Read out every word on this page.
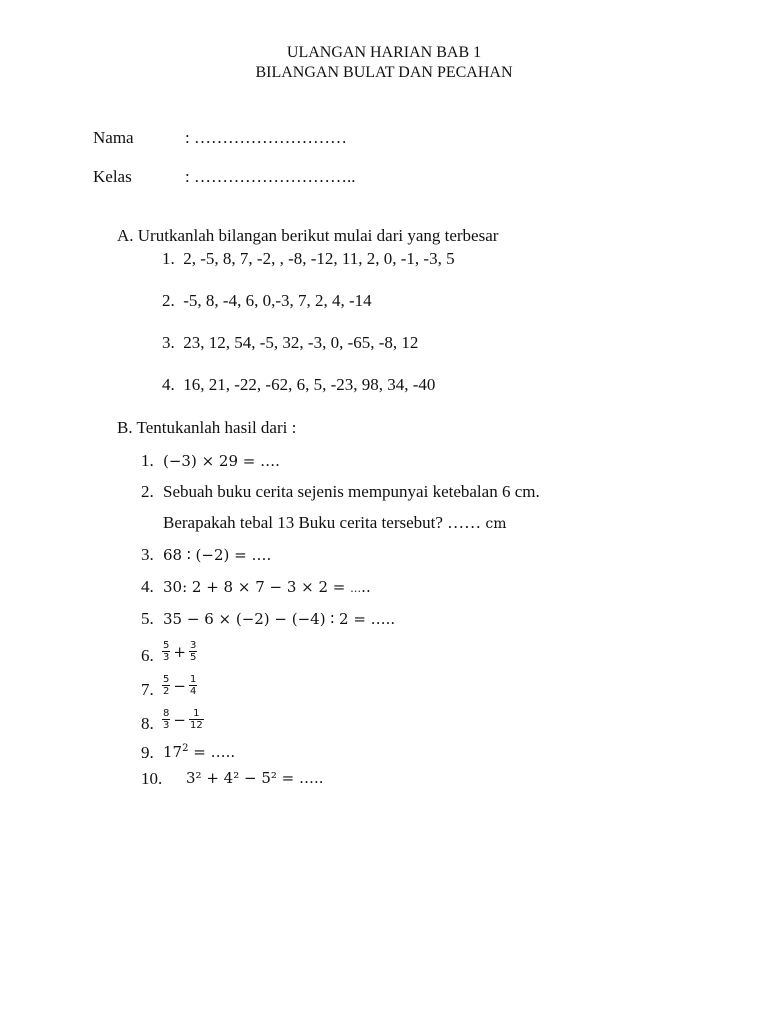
ULANGAN HARIAN BAB 1
BILANGAN BULAT DAN PECAHAN
Nama	: ………………………
Kelas	: ………………………..
A. Urutkanlah bilangan berikut mulai dari yang terbesar
1. 2, -5, 8, 7, -2, , -8, -12, 11, 2, 0, -1, -3, 5
2. -5, 8, -4, 6, 0,-3, 7, 2, 4, -14
3. 23, 12, 54, -5, 32, -3, 0, -65, -8, 12
4. 16, 21, -22, -62, 6, 5, -23, 98, 34, -40
B. Tentukanlah hasil dari :
1. (−3) × 29 = ….
2. Sebuah buku cerita sejenis mempunyai ketebalan 6 cm.
Berapakah tebal 13 Buku cerita tersebut? …… cm
3. 68 ∶ (−2) = ….
4. 30: 2 + 8 × 7 − 3 × 2 = …..
5. 35 − 6 × (−2) − (−4) ∶ 2 = …..
6. $\frac{5}{3} + \frac{3}{5}$
7. $\frac{5}{2} - \frac{1}{4}$
8. $\frac{8}{3} - \frac{1}{12}$
9. $17^2$ = …..
10. 3² + 4² − 5² = …..
